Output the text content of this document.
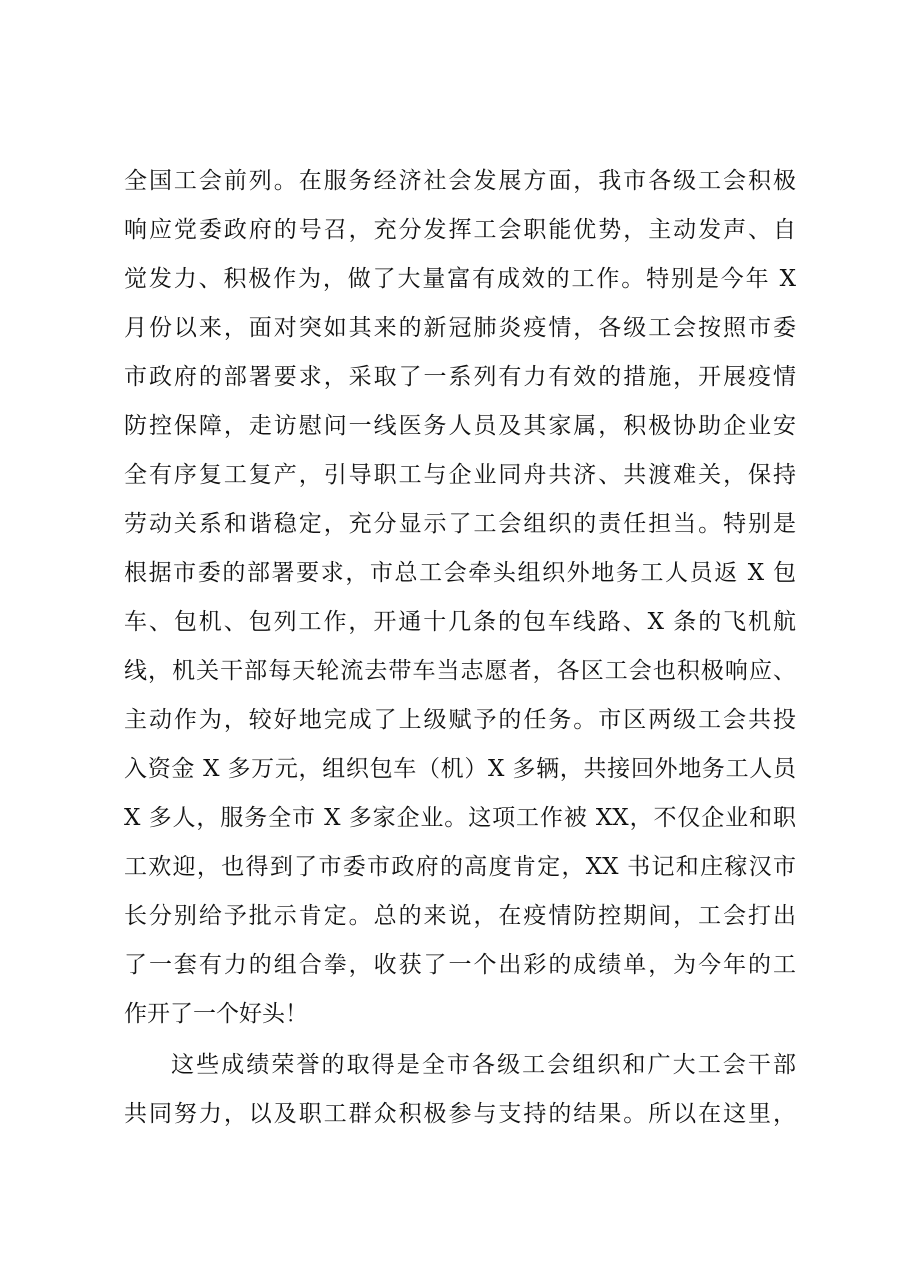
全国工会前列。在服务经济社会发展方面，我市各级工会积极
响应党委政府的号召，充分发挥工会职能优势，主动发声、自
觉发力、积极作为，做了大量富有成效的工作。特别是今年 X
月份以来，面对突如其来的新冠肺炎疫情，各级工会按照市委
市政府的部署要求，采取了一系列有力有效的措施，开展疫情
防控保障，走访慰问一线医务人员及其家属，积极协助企业安
全有序复工复产，引导职工与企业同舟共济、共渡难关，保持
劳动关系和谐稳定，充分显示了工会组织的责任担当。特别是
根据市委的部署要求，市总工会牵头组织外地务工人员返 X 包
车、包机、包列工作，开通十几条的包车线路、X 条的飞机航
线，机关干部每天轮流去带车当志愿者，各区工会也积极响应、
主动作为，较好地完成了上级赋予的任务。市区两级工会共投
入资金 X 多万元，组织包车（机）X 多辆，共接回外地务工人员
X 多人，服务全市 X 多家企业。这项工作被 XX，不仅企业和职
工欢迎，也得到了市委市政府的高度肯定，XX 书记和庄稼汉市
长分别给予批示肯定。总的来说，在疫情防控期间，工会打出
了一套有力的组合拳，收获了一个出彩的成绩单，为今年的工
作开了一个好头！
这些成绩荣誉的取得是全市各级工会组织和广大工会干部
共同努力，以及职工群众积极参与支持的结果。所以在这里，
